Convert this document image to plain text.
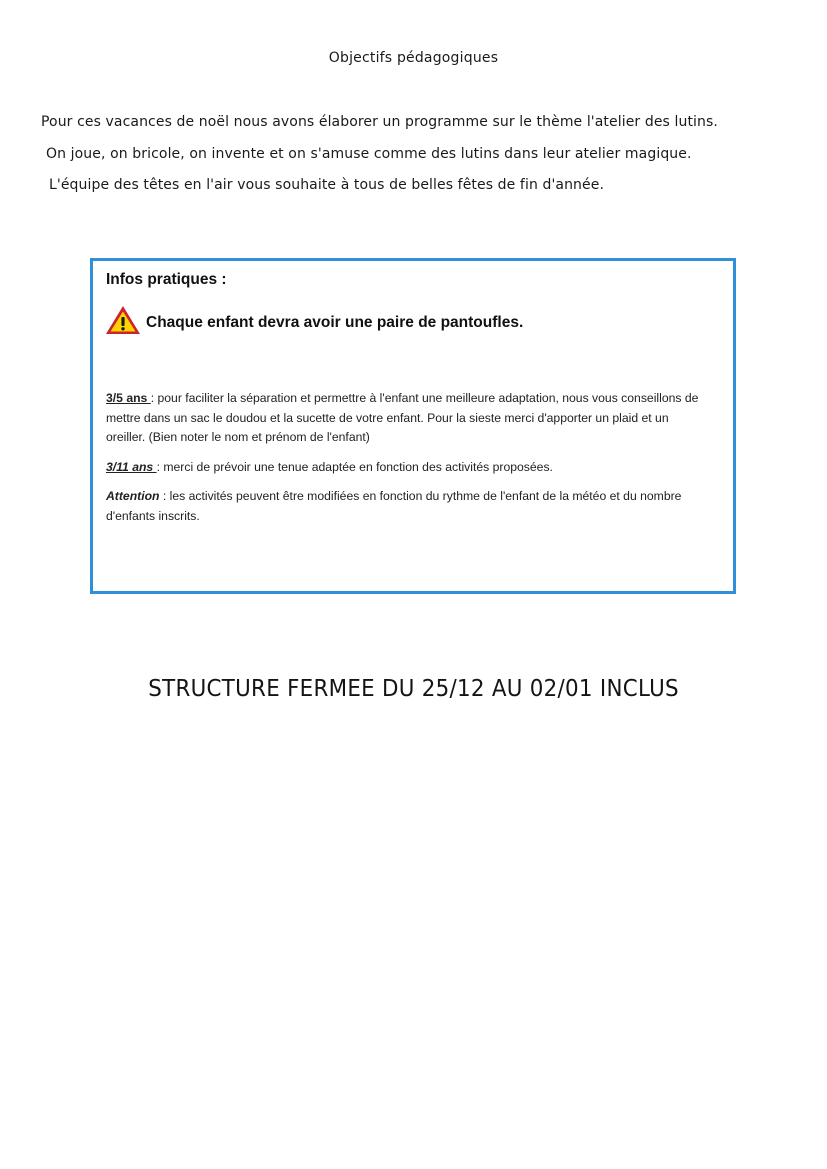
Objectifs pédagogiques
Pour ces vacances de noël nous avons élaborer un programme sur le thème l'atelier des lutins.
On joue, on bricole, on invente et on s'amuse comme des lutins dans leur atelier magique.
L'équipe des têtes en l'air vous souhaite à tous de belles fêtes de fin d'année.
Infos pratiques :
Chaque enfant devra avoir une paire de pantoufles.
3/5 ans : pour faciliter la séparation et permettre à l'enfant une meilleure adaptation, nous vous conseillons de mettre dans un sac le doudou et la sucette de votre enfant. Pour la sieste merci d'apporter un plaid et un oreiller. (Bien noter le nom et prénom de l'enfant)
3/11 ans : merci de prévoir une tenue adaptée en fonction des activités proposées.
Attention : les activités peuvent être modifiées en fonction du rythme de l'enfant de la météo et du nombre d'enfants inscrits.
STRUCTURE FERMEE DU 25/12 AU 02/01 INCLUS
